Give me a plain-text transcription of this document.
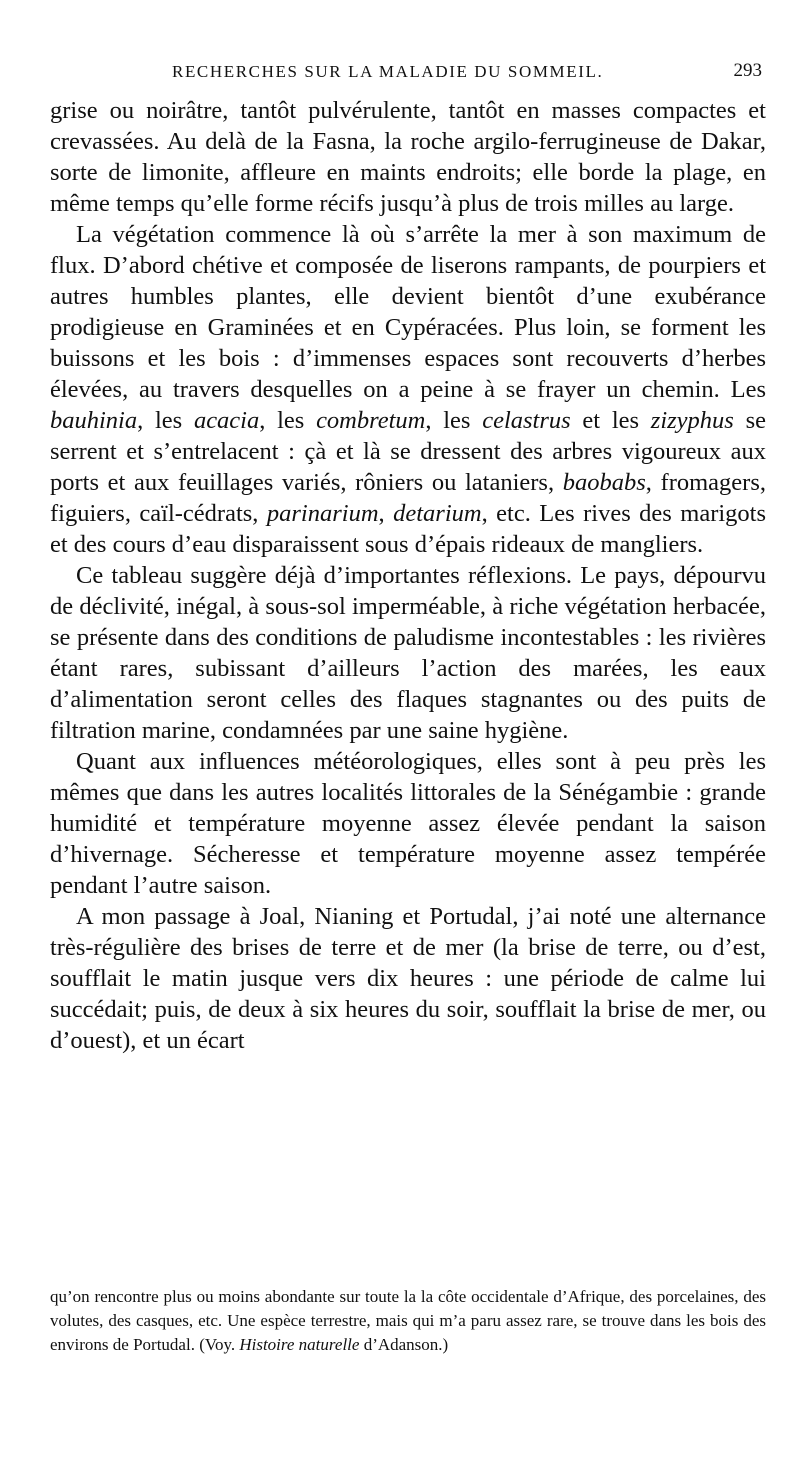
RECHERCHES SUR LA MALADIE DU SOMMEIL.	293

grise ou noirâtre, tantôt pulvérulente, tantôt en masses compactes et crevassées. Au delà de la Fasna, la roche argilo-ferrugineuse de Dakar, sorte de limonite, affleure en maints endroits; elle borde la plage, en même temps qu’elle forme récifs jusqu’à plus de trois milles au large.

La végétation commence là où s’arrête la mer à son maximum de flux. D’abord chétive et composée de liserons rampants, de pourpiers et autres humbles plantes, elle devient bientôt d’une exubérance prodigieuse en Graminées et en Cypéracées. Plus loin, se forment les buissons et les bois : d’immenses espaces sont recouverts d’herbes élevées, au travers desquelles on a peine à se frayer un chemin. Les bauhinia, les acacia, les combretum, les celastrus et les zizyphus se serrent et s’entrelacent : çà et là se dressent des arbres vigoureux aux ports et aux feuillages variés, rôniers ou lataniers, baobabs, fromagers, figuiers, caïl-cédrats, parinarium, detarium, etc. Les rives des marigots et des cours d’eau disparaissent sous d’épais rideaux de mangliers.

Ce tableau suggère déjà d’importantes réflexions. Le pays, dépourvu de déclivité, inégal, à sous-sol imperméable, à riche végétation herbacée, se présente dans des conditions de paludisme incontestables : les rivières étant rares, subissant d’ailleurs l’action des marées, les eaux d’alimentation seront celles des flaques stagnantes ou des puits de filtration marine, condamnées par une saine hygiène.

Quant aux influences météorologiques, elles sont à peu près les mêmes que dans les autres localités littorales de la Sénégambie : grande humidité et température moyenne assez élevée pendant la saison d’hivernage. Sécheresse et température moyenne assez tempérée pendant l’autre saison.

A mon passage à Joal, Nianing et Portudal, j’ai noté une alternance très-régulière des brises de terre et de mer (la brise de terre, ou d’est, soufflait le matin jusque vers dix heures : une période de calme lui succédait; puis, de deux à six heures du soir, soufflait la brise de mer, ou d’ouest), et un écart

qu’on rencontre plus ou moins abondante sur toute la la côte occidentale d’Afrique, des porcelaines, des volutes, des casques, etc. Une espèce terrestre, mais qui m’a paru assez rare, se trouve dans les bois des environs de Portudal. (Voy. Histoire naturelle d’Adanson.)
